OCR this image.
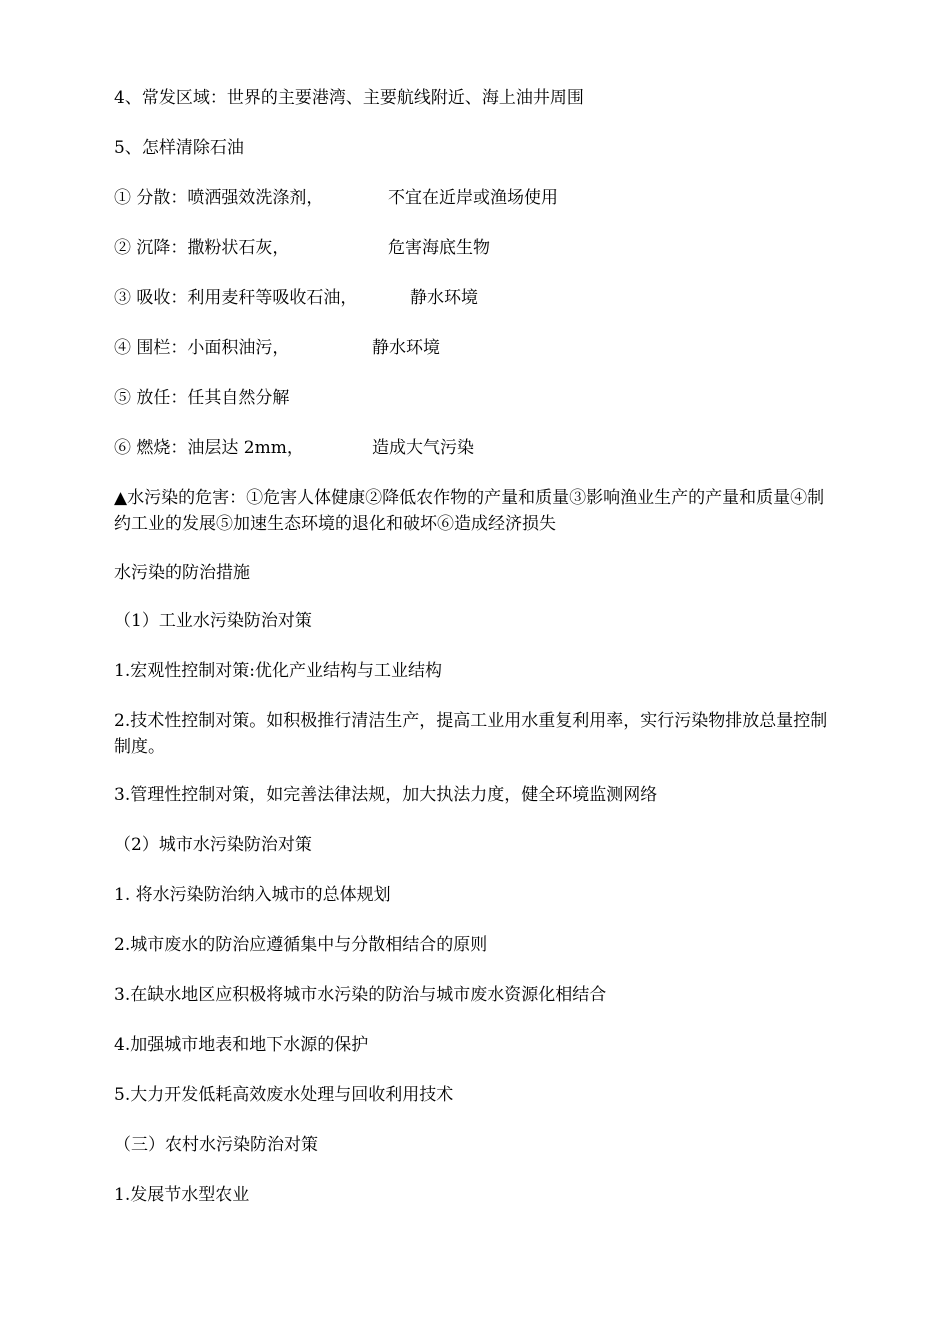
4、常发区域：世界的主要港湾、主要航线附近、海上油井周围
5、怎样清除石油
① 分散：喷洒强效洗涤剂，	不宜在近岸或渔场使用
② 沉降：撒粉状石灰，	危害海底生物
③ 吸收：利用麦秆等吸收石油，	静水环境
④ 围栏：小面积油污，	静水环境
⑤ 放任：任其自然分解
⑥ 燃烧：油层达 2mm，	造成大气污染
▲水污染的危害：①危害人体健康②降低农作物的产量和质量③影响渔业生产的产量和质量④制约工业的发展⑤加速生态环境的退化和破坏⑥造成经济损失
水污染的防治措施
（1）工业水污染防治对策
1.宏观性控制对策:优化产业结构与工业结构
2.技术性控制对策。如积极推行清洁生产，提高工业用水重复利用率，实行污染物排放总量控制制度。
3.管理性控制对策，如完善法律法规，加大执法力度，健全环境监测网络
（2）城市水污染防治对策
1. 将水污染防治纳入城市的总体规划
2.城市废水的防治应遵循集中与分散相结合的原则
3.在缺水地区应积极将城市水污染的防治与城市废水资源化相结合
4.加强城市地表和地下水源的保护
5.大力开发低耗高效废水处理与回收利用技术
（三）农村水污染防治对策
1.发展节水型农业
